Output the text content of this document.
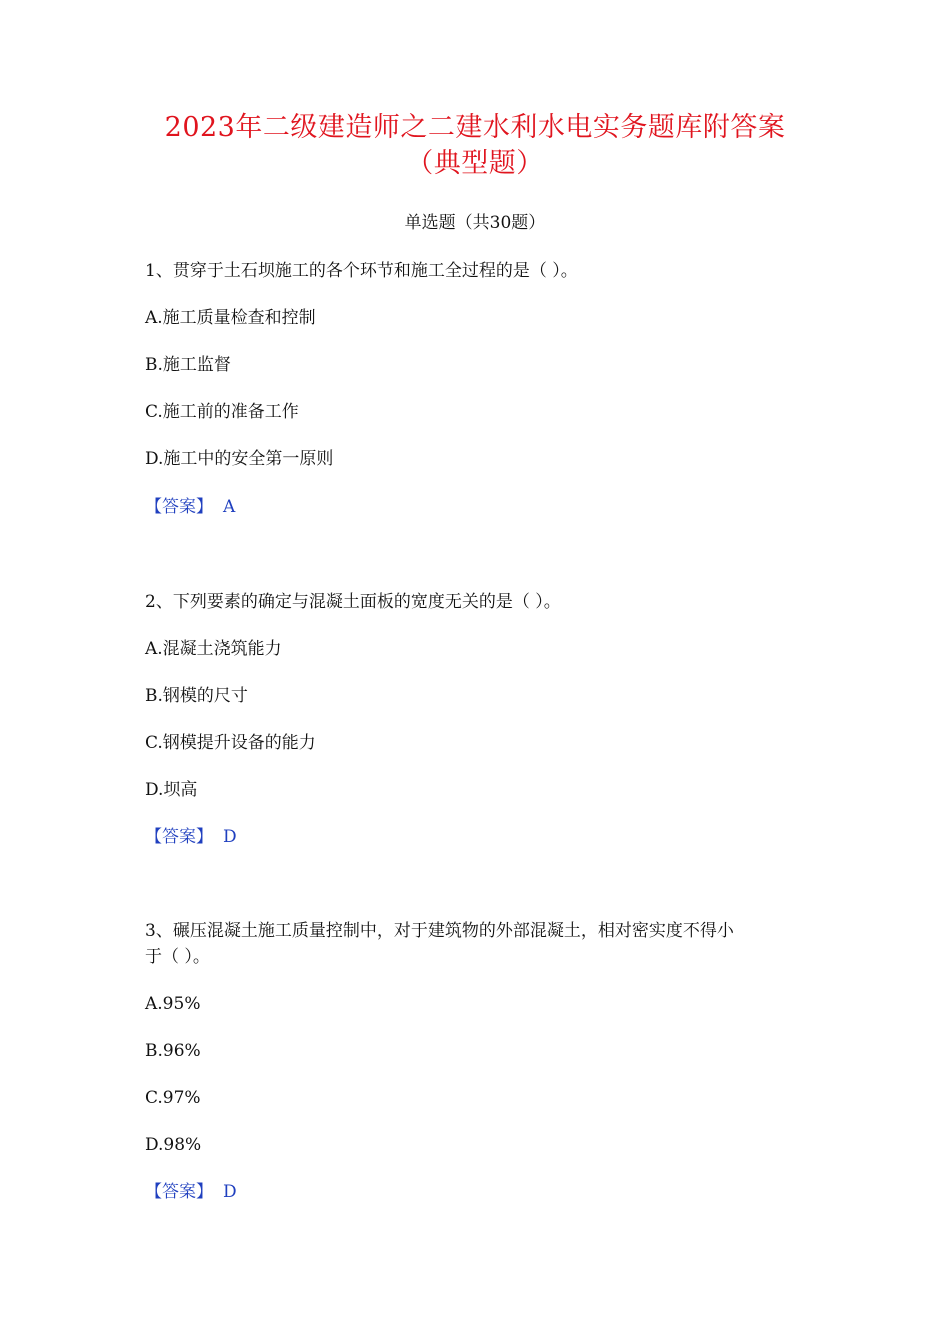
2023年二级建造师之二建水利水电实务题库附答案
（典型题）
单选题（共30题）
1、贯穿于土石坝施工的各个环节和施工全过程的是（ ）。
A.施工质量检查和控制
B.施工监督
C.施工前的准备工作
D.施工中的安全第一原则
【答案】 A
2、下列要素的确定与混凝土面板的宽度无关的是（ ）。
A.混凝土浇筑能力
B.钢模的尺寸
C.钢模提升设备的能力
D.坝高
【答案】 D
3、碾压混凝土施工质量控制中，对于建筑物的外部混凝土，相对密实度不得小
于（ ）。
A.95%
B.96%
C.97%
D.98%
【答案】 D
